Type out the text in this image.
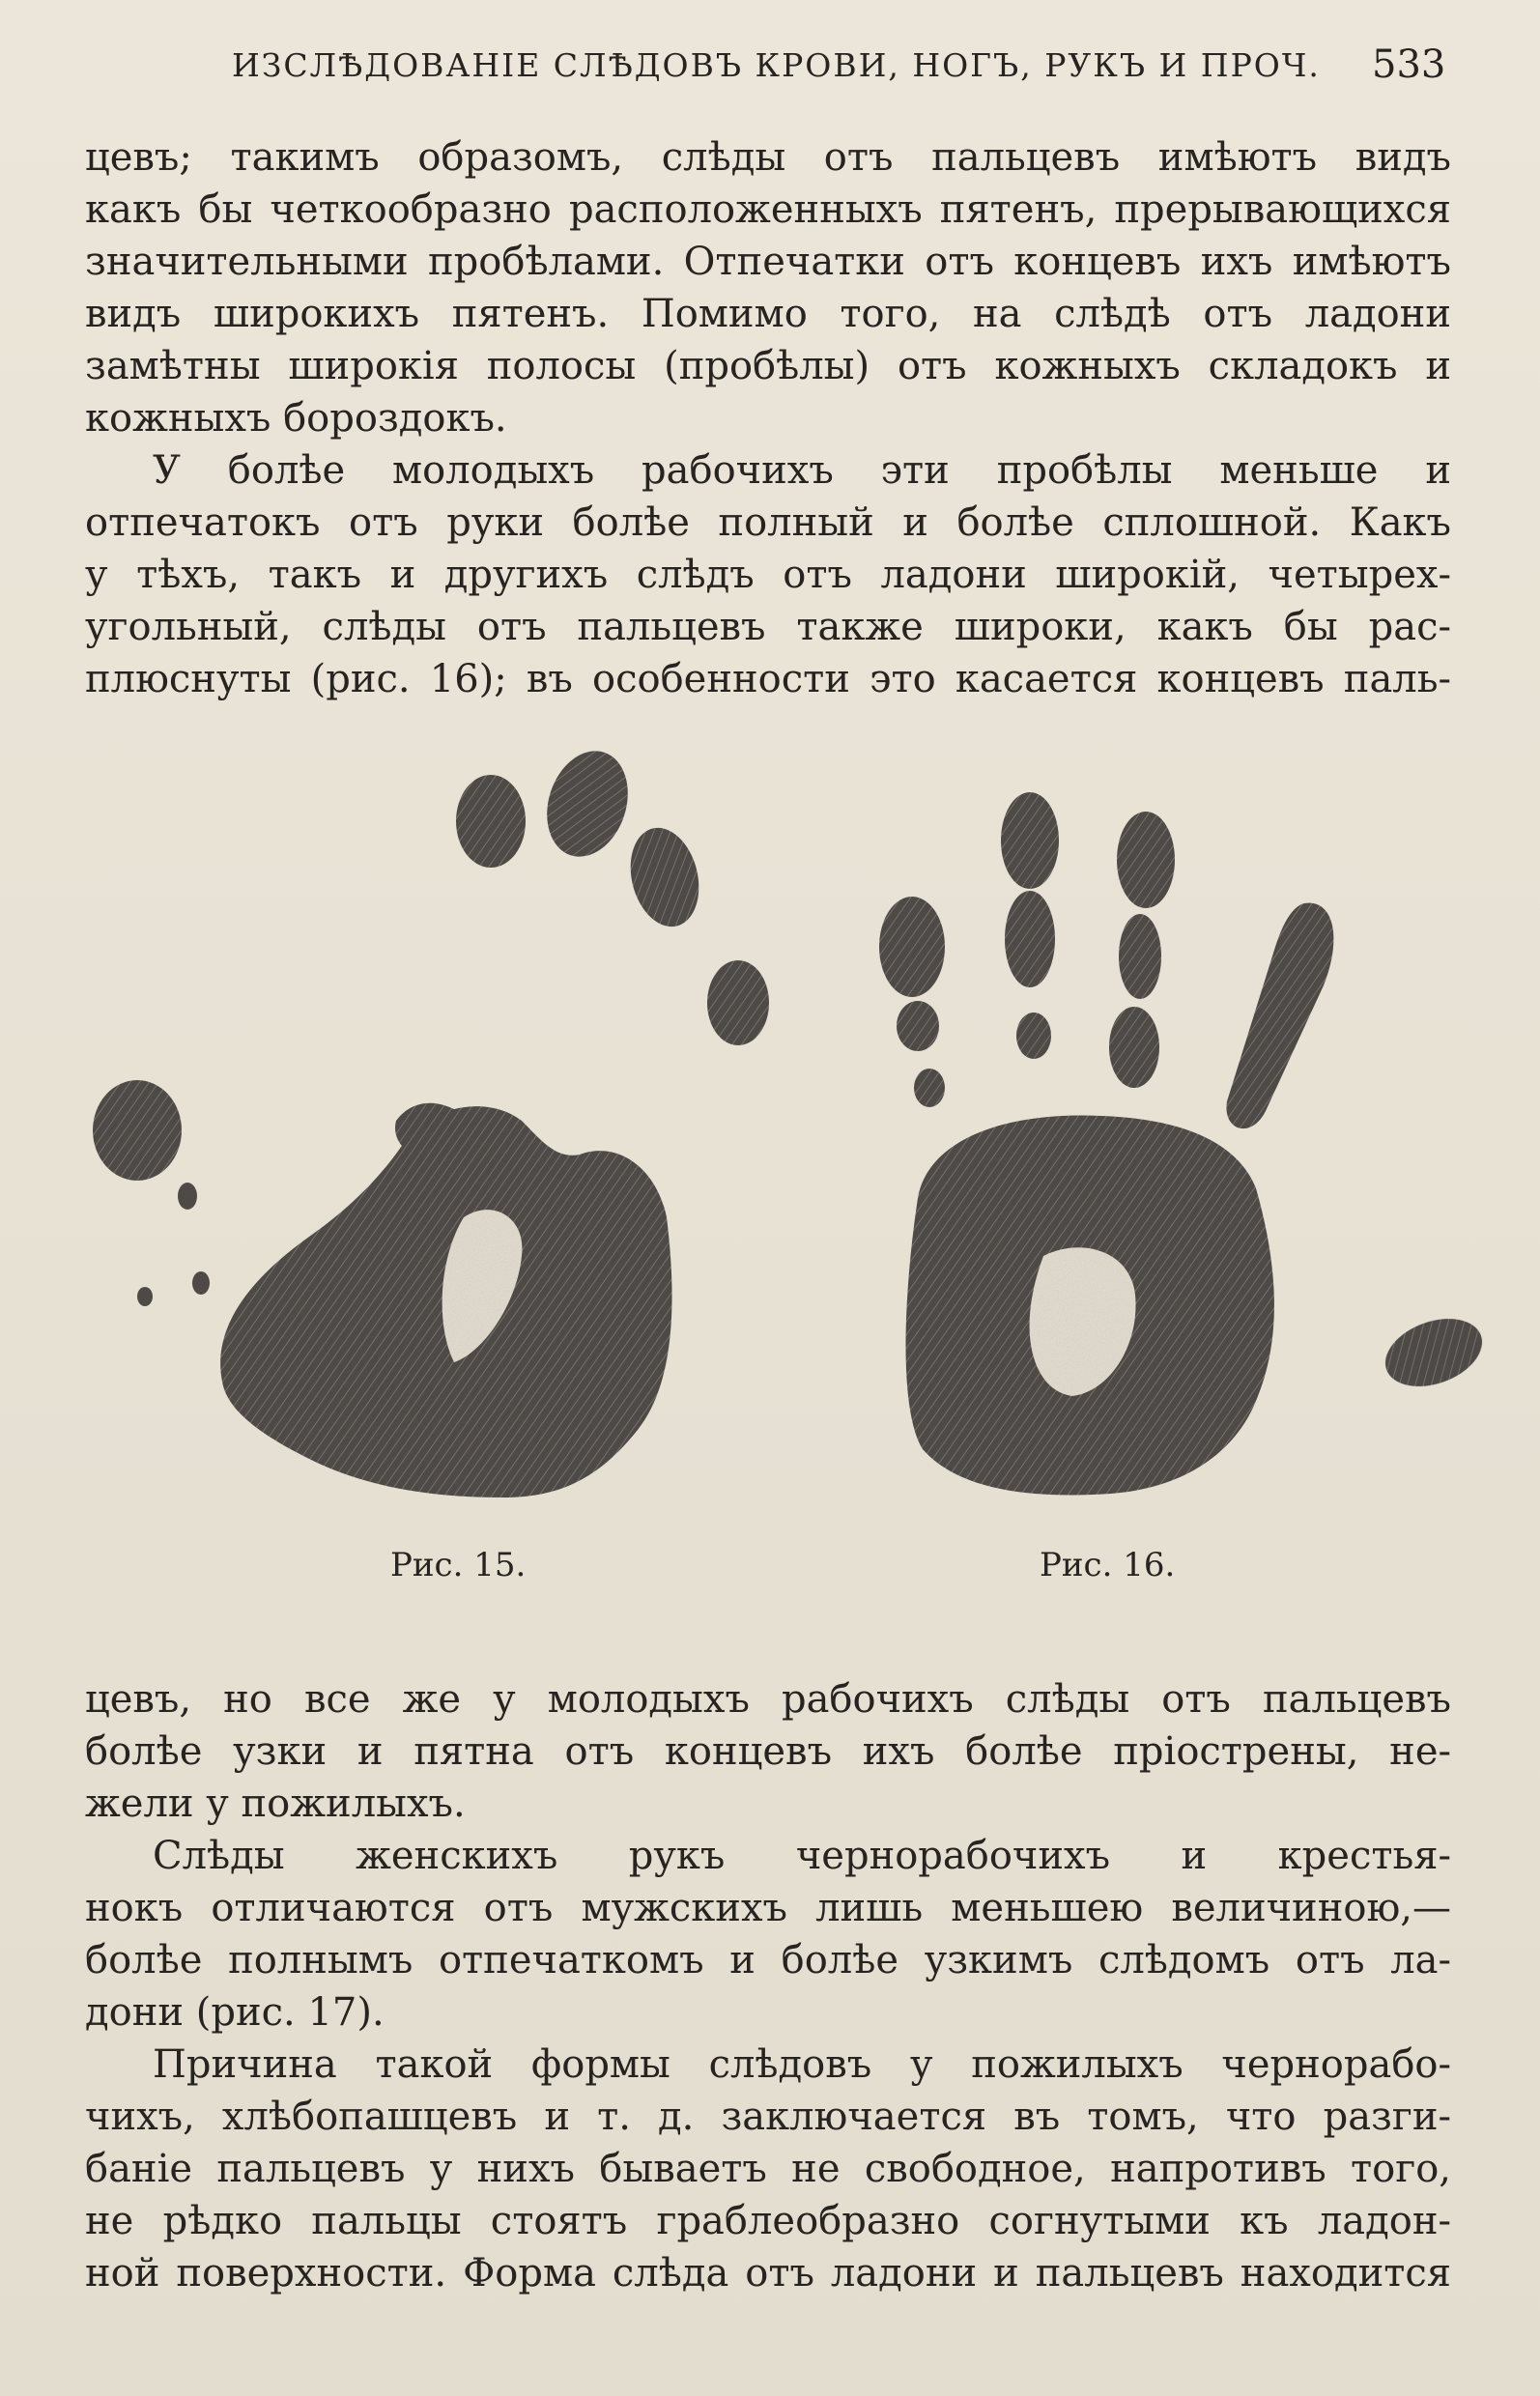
ИЗСЛѢДОВАНІЕ СЛѢДОВЪ КРОВИ, НОГЪ, РУКЪ И ПРОЧ.	533
цевъ; такимъ образомъ, слѣды отъ пальцевъ имѣютъ видъ
какъ бы четкообразно расположенныхъ пятенъ, прерывающихся
значительными пробѣлами. Отпечатки отъ концевъ ихъ имѣютъ
видъ широкихъ пятенъ. Помимо того, на слѣдѣ отъ ладони
замѣтны широкія полосы (пробѣлы) отъ кожныхъ складокъ и
кожныхъ бороздокъ.
У болѣе молодыхъ рабочихъ эти пробѣлы меньше и
отпечатокъ отъ руки болѣе полный и болѣе сплошной. Какъ
у тѣхъ, такъ и другихъ слѣдъ отъ ладони широкій, четырех-
угольный, слѣды отъ пальцевъ также широки, какъ бы рас-
плюснуты (рис. 16); въ особенности это касается концевъ паль-
Рис. 15.	Рис. 16.
цевъ, но все же у молодыхъ рабочихъ слѣды отъ пальцевъ
болѣе узки и пятна отъ концевъ ихъ болѣе пріострены, не-
жели у пожилыхъ.
Слѣды женскихъ рукъ чернорабочихъ и крестья-
нокъ отличаются отъ мужскихъ лишь меньшею величиною,—
болѣе полнымъ отпечаткомъ и болѣе узкимъ слѣдомъ отъ ла-
дони (рис. 17).
Причина такой формы слѣдовъ у пожилыхъ чернорабо-
чихъ, хлѣбопашцевъ и т. д. заключается въ томъ, что разги-
баніе пальцевъ у нихъ бываетъ не свободное, напротивъ того,
не рѣдко пальцы стоятъ граблеобразно согнутыми къ ладон-
ной поверхности. Форма слѣда отъ ладони и пальцевъ находится
